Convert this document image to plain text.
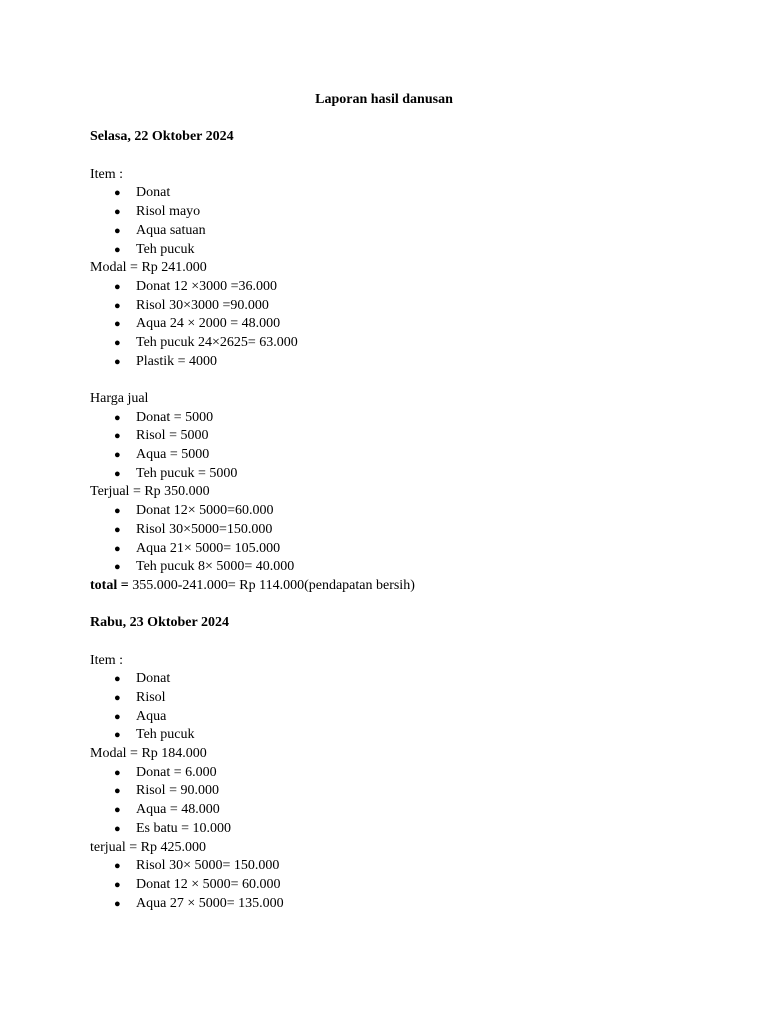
Laporan hasil danusan
Selasa, 22 Oktober 2024
Item :
● Donat
● Risol mayo
● Aqua satuan
● Teh pucuk
Modal = Rp 241.000
● Donat 12 ×3000 =36.000
● Risol 30×3000 =90.000
● Aqua 24 × 2000 = 48.000
● Teh pucuk 24×2625= 63.000
● Plastik = 4000
Harga jual
● Donat = 5000
● Risol = 5000
● Aqua = 5000
● Teh pucuk = 5000
Terjual = Rp 350.000
● Donat 12× 5000=60.000
● Risol 30×5000=150.000
● Aqua 21× 5000= 105.000
● Teh pucuk 8× 5000= 40.000
total = 355.000-241.000= Rp 114.000(pendapatan bersih)
Rabu, 23 Oktober 2024
Item :
● Donat
● Risol
● Aqua
● Teh pucuk
Modal = Rp 184.000
● Donat = 6.000
● Risol = 90.000
● Aqua = 48.000
● Es batu = 10.000
terjual = Rp 425.000
● Risol 30× 5000= 150.000
● Donat 12 × 5000= 60.000
● Aqua 27 × 5000= 135.000
